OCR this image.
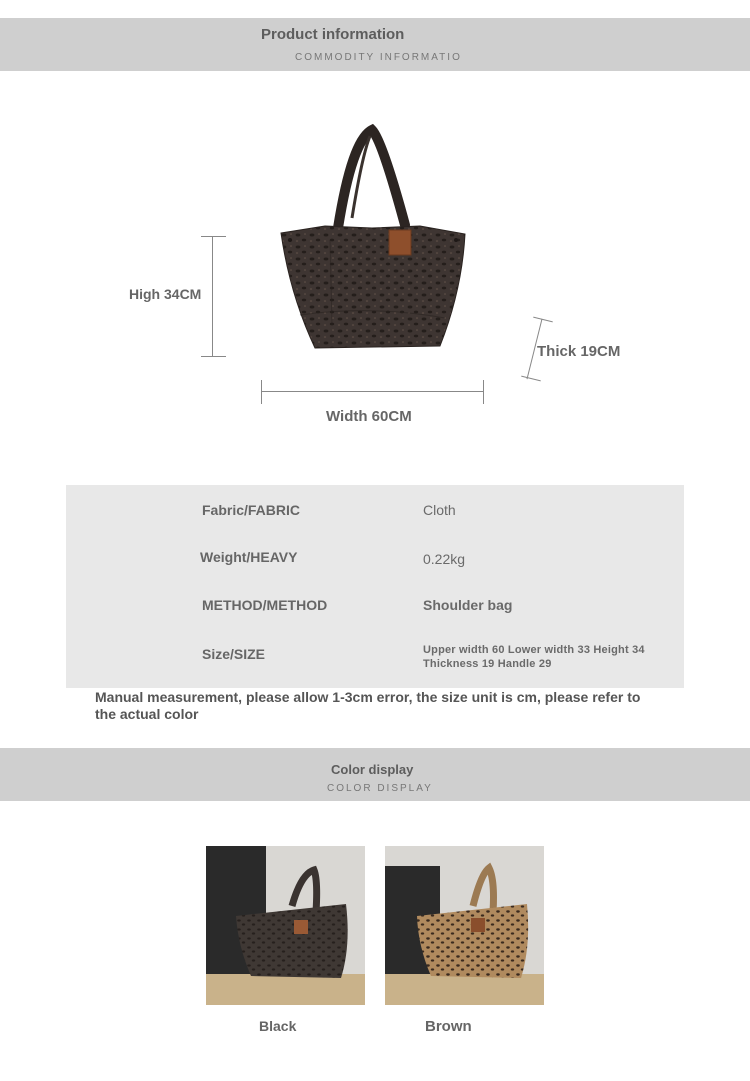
Product information
COMMODITY INFORMATIO
High 34CM
Thick 19CM
Width 60CM
Fabric/FABRIC	Cloth
Weight/HEAVY	0.22kg
METHOD/METHOD	Shoulder bag
Size/SIZE	Upper width 60 Lower width 33 Height 34 Thickness 19 Handle 29
Manual measurement, please allow 1-3cm error, the size unit is cm, please refer to the actual color
Color display
COLOR DISPLAY
Black	Brown
